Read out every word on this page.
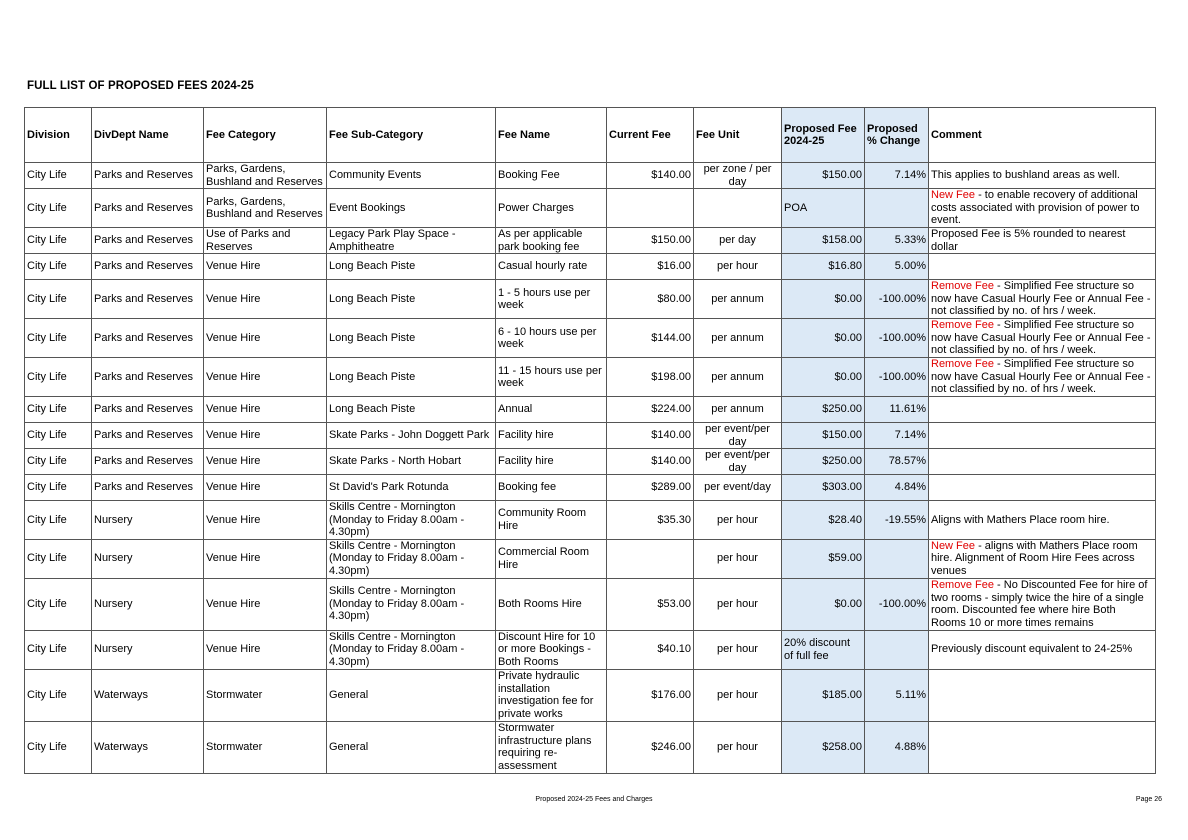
FULL LIST OF PROPOSED FEES 2024-25
Division	DivDept Name	Fee Category	Fee Sub-Category	Fee Name	Current Fee	Fee Unit	Proposed Fee 2024-25	Proposed % Change	Comment
City Life	Parks and Reserves	Parks, Gardens, Bushland and Reserves	Community Events	Booking Fee	$140.00	per zone / per day	$150.00	7.14%	This applies to bushland areas as well.
City Life	Parks and Reserves	Parks, Gardens, Bushland and Reserves	Event Bookings	Power Charges			POA		New Fee - to enable recovery of additional costs associated with provision of power to event.
City Life	Parks and Reserves	Use of Parks and Reserves	Legacy Park Play Space - Amphitheatre	As per applicable park booking fee	$150.00	per day	$158.00	5.33%	Proposed Fee is 5% rounded to nearest dollar
City Life	Parks and Reserves	Venue Hire	Long Beach Piste	Casual hourly rate	$16.00	per hour	$16.80	5.00%	
City Life	Parks and Reserves	Venue Hire	Long Beach Piste	1 - 5 hours use per week	$80.00	per annum	$0.00	-100.00%	Remove Fee - Simplified Fee structure so now have Casual Hourly Fee or Annual Fee - not classified by no. of hrs / week.
City Life	Parks and Reserves	Venue Hire	Long Beach Piste	6 - 10 hours use per week	$144.00	per annum	$0.00	-100.00%	Remove Fee - Simplified Fee structure so now have Casual Hourly Fee or Annual Fee - not classified by no. of hrs / week.
City Life	Parks and Reserves	Venue Hire	Long Beach Piste	11 - 15 hours use per week	$198.00	per annum	$0.00	-100.00%	Remove Fee - Simplified Fee structure so now have Casual Hourly Fee or Annual Fee - not classified by no. of hrs / week.
City Life	Parks and Reserves	Venue Hire	Long Beach Piste	Annual	$224.00	per annum	$250.00	11.61%	
City Life	Parks and Reserves	Venue Hire	Skate Parks - John Doggett Park	Facility hire	$140.00	per event/per day	$150.00	7.14%	
City Life	Parks and Reserves	Venue Hire	Skate Parks - North Hobart	Facility hire	$140.00	per event/per day	$250.00	78.57%	
City Life	Parks and Reserves	Venue Hire	St David's Park Rotunda	Booking fee	$289.00	per event/day	$303.00	4.84%	
City Life	Nursery	Venue Hire	Skills Centre - Mornington (Monday to Friday 8.00am - 4.30pm)	Community Room Hire	$35.30	per hour	$28.40	-19.55%	Aligns with Mathers Place room hire.
City Life	Nursery	Venue Hire	Skills Centre - Mornington (Monday to Friday 8.00am - 4.30pm)	Commercial Room Hire		per hour	$59.00		New Fee - aligns with Mathers Place room hire. Alignment of Room Hire Fees across venues
City Life	Nursery	Venue Hire	Skills Centre - Mornington (Monday to Friday 8.00am - 4.30pm)	Both Rooms Hire	$53.00	per hour	$0.00	-100.00%	Remove Fee - No Discounted Fee for hire of two rooms - simply twice the hire of a single room. Discounted fee where hire Both Rooms 10 or more times remains
City Life	Nursery	Venue Hire	Skills Centre - Mornington (Monday to Friday 8.00am - 4.30pm)	Discount Hire for 10 or more Bookings - Both Rooms	$40.10	per hour	20% discount of full fee		Previously discount equivalent to 24-25%
City Life	Waterways	Stormwater	General	Private hydraulic installation investigation fee for private works	$176.00	per hour	$185.00	5.11%	
City Life	Waterways	Stormwater	General	Stormwater infrastructure plans requiring re-assessment	$246.00	per hour	$258.00	4.88%	
Proposed 2024-25 Fees and Charges	Page 26
